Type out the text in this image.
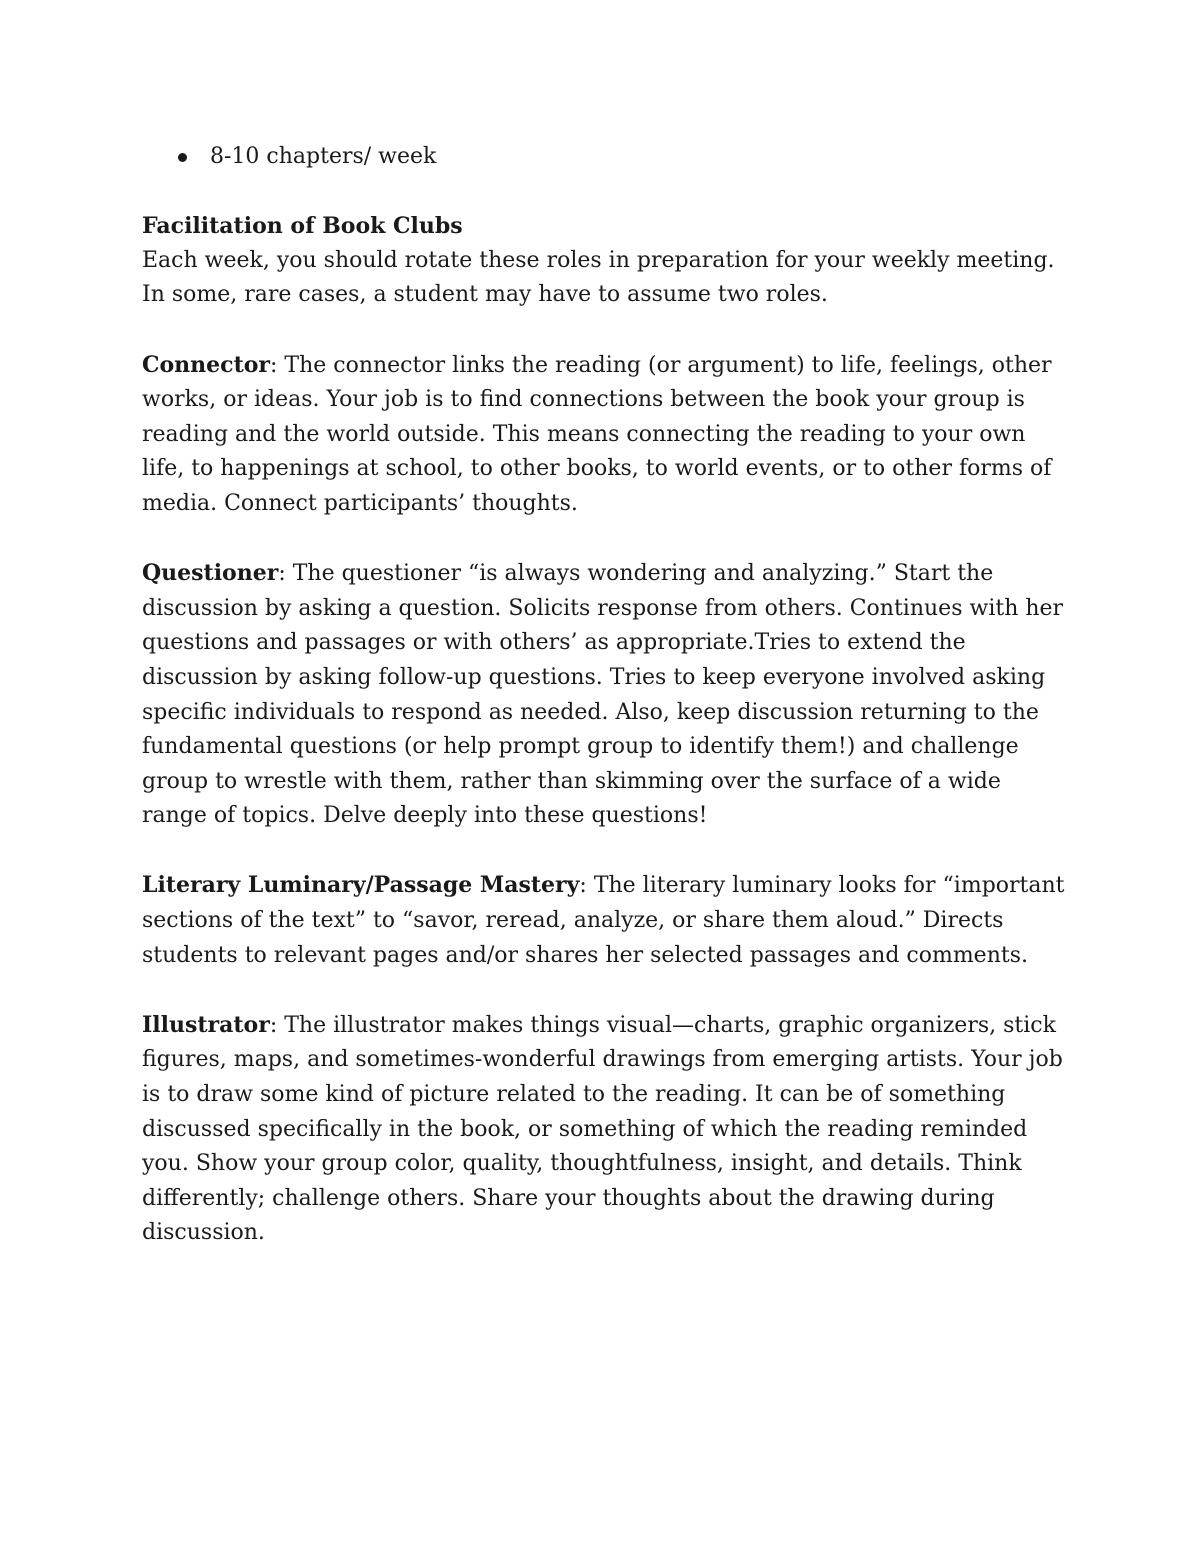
8-10 chapters/ week
Facilitation of Book Clubs

Each week, you should rotate these roles in preparation for your weekly meeting. In some, rare cases, a student may have to assume two roles.

Connector: The connector links the reading (or argument) to life, feelings, other works, or ideas. Your job is to find connections between the book your group is reading and the world outside. This means connecting the reading to your own life, to happenings at school, to other books, to world events, or to other forms of media. Connect participants’ thoughts.

Questioner: The questioner “is always wondering and analyzing.” Start the discussion by asking a question. Solicits response from others. Continues with her questions and passages or with others’ as appropriate.Tries to extend the discussion by asking follow-up questions. Tries to keep everyone involved asking specific individuals to respond as needed. Also, keep discussion returning to the fundamental questions (or help prompt group to identify them!) and challenge group to wrestle with them, rather than skimming over the surface of a wide range of topics. Delve deeply into these questions!

Literary Luminary/Passage Mastery: The literary luminary looks for “important sections of the text” to “savor, reread, analyze, or share them aloud.” Directs students to relevant pages and/or shares her selected passages and comments.

Illustrator: The illustrator makes things visual—charts, graphic organizers, stick figures, maps, and sometimes-wonderful drawings from emerging artists. Your job is to draw some kind of picture related to the reading. It can be of something discussed specifically in the book, or something of which the reading reminded you. Show your group color, quality, thoughtfulness, insight, and details. Think differently; challenge others. Share your thoughts about the drawing during discussion.
